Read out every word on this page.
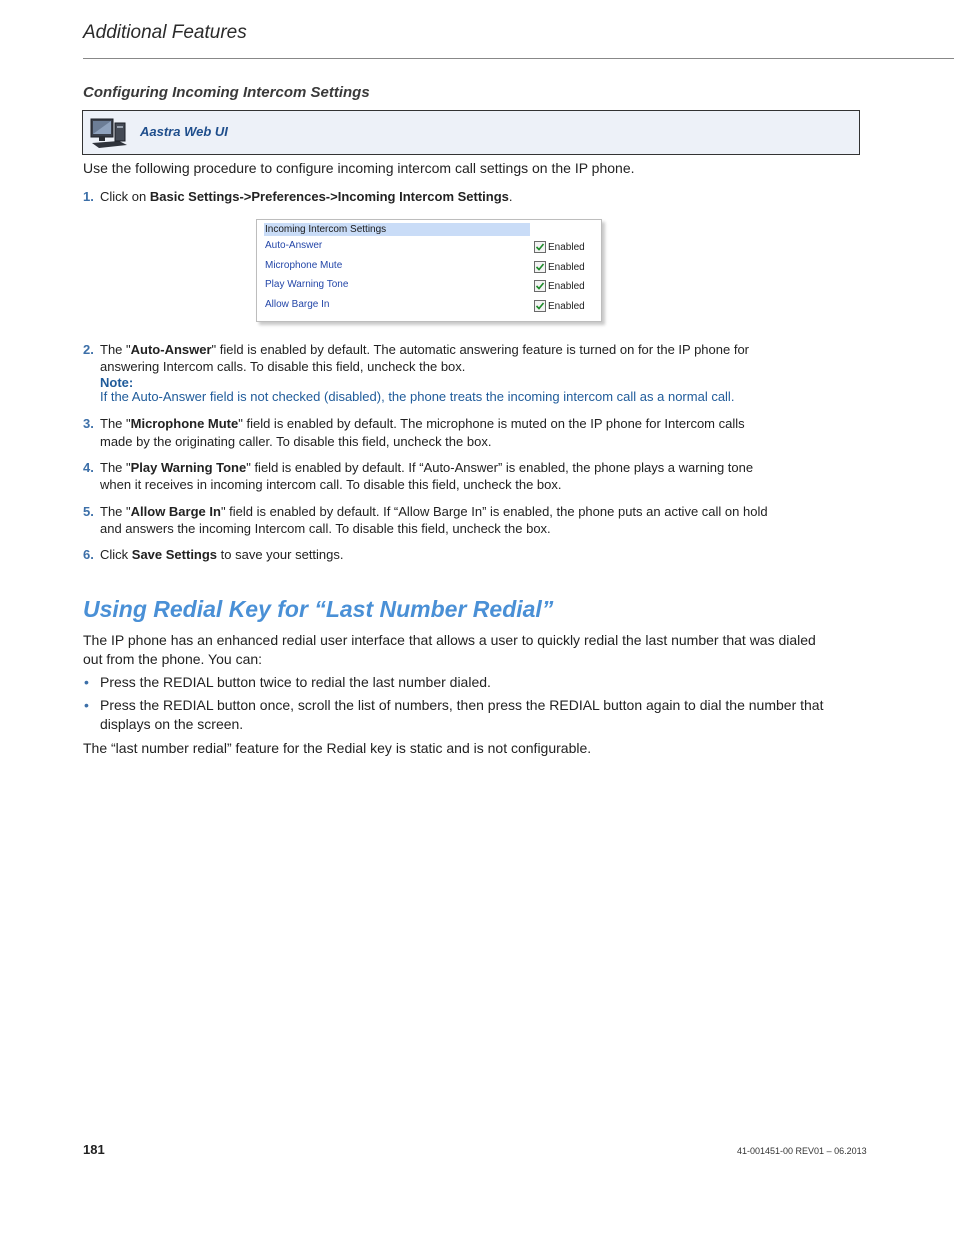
Additional Features
Configuring Incoming Intercom Settings
Aastra Web UI
Use the following procedure to configure incoming intercom call settings on the IP phone.
1. Click on Basic Settings->Preferences->Incoming Intercom Settings.
Incoming Intercom Settings
Auto-Answer	Enabled
Microphone Mute	Enabled
Play Warning Tone	Enabled
Allow Barge In	Enabled
2. The "Auto-Answer" field is enabled by default. The automatic answering feature is turned on for the IP phone for
answering Intercom calls. To disable this field, uncheck the box.
Note:
If the Auto-Answer field is not checked (disabled), the phone treats the incoming intercom call as a normal call.
3. The "Microphone Mute" field is enabled by default. The microphone is muted on the IP phone for Intercom calls
made by the originating caller. To disable this field, uncheck the box.
4. The "Play Warning Tone" field is enabled by default. If “Auto-Answer” is enabled, the phone plays a warning tone
when it receives in incoming intercom call. To disable this field, uncheck the box.
5. The "Allow Barge In" field is enabled by default. If “Allow Barge In” is enabled, the phone puts an active call on hold
and answers the incoming Intercom call. To disable this field, uncheck the box.
6. Click Save Settings to save your settings.
Using Redial Key for “Last Number Redial”
The IP phone has an enhanced redial user interface that allows a user to quickly redial the last number that was dialed
out from the phone. You can:
• Press the REDIAL button twice to redial the last number dialed.
• Press the REDIAL button once, scroll the list of numbers, then press the REDIAL button again to dial the number that
displays on the screen.
The “last number redial” feature for the Redial key is static and is not configurable.
181	41-001451-00 REV01 – 06.2013
